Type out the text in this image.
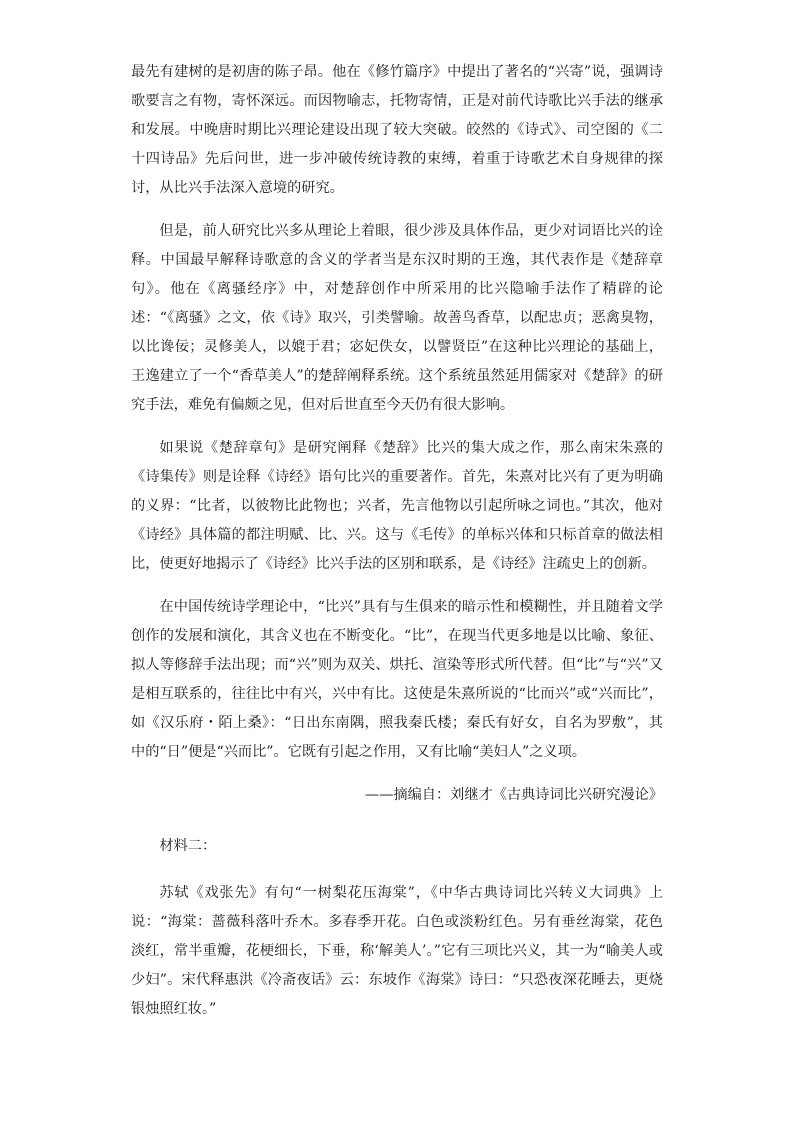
最先有建树的是初唐的陈子昂。他在《修竹篇序》中提出了著名的“兴寄”说，强调诗歌要言之有物，寄怀深远。而因物喻志，托物寄情，正是对前代诗歌比兴手法的继承和发展。中晚唐时期比兴理论建设出现了较大突破。皎然的《诗式》、司空图的《二十四诗品》先后问世，进一步冲破传统诗教的束缚，着重于诗歌艺术自身规律的探讨，从比兴手法深入意境的研究。

但是，前人研究比兴多从理论上着眼，很少涉及具体作品，更少对词语比兴的诠释。中国最早解释诗歌意的含义的学者当是东汉时期的王逸，其代表作是《楚辞章句》。他在《离骚经序》中，对楚辞创作中所采用的比兴隐喻手法作了精辟的论述：“《离骚》之文，依《诗》取兴，引类譬喻。故善鸟香草，以配忠贞；恶禽臭物，以比谗佞；灵修美人，以媲于君；宓妃佚女，以譬贤臣”在这种比兴理论的基础上，王逸建立了一个“香草美人”的楚辞阐释系统。这个系统虽然延用儒家对《楚辞》的研究手法，难免有偏颇之见，但对后世直至今天仍有很大影响。

如果说《楚辞章句》是研究阐释《楚辞》比兴的集大成之作，那么南宋朱熹的《诗集传》则是诠释《诗经》语句比兴的重要著作。首先，朱熹对比兴有了更为明确的义界：“比者，以彼物比此物也；兴者，先言他物以引起所咏之词也。”其次，他对《诗经》具体篇的都注明赋、比、兴。这与《毛传》的单标兴体和只标首章的做法相比，使更好地揭示了《诗经》比兴手法的区别和联系，是《诗经》注疏史上的创新。

在中国传统诗学理论中，“比兴”具有与生俱来的暗示性和模糊性，并且随着文学创作的发展和演化，其含义也在不断变化。“比”，在现当代更多地是以比喻、象征、拟人等修辞手法出现；而“兴”则为双关、烘托、渲染等形式所代替。但“比”与“兴”又是相互联系的，往往比中有兴，兴中有比。这使是朱熹所说的“比而兴”或“兴而比”，如《汉乐府・陌上桑》：“日出东南隅，照我秦氏楼；秦氏有好女，自名为罗敷”，其中的“日”便是“兴而比”。它既有引起之作用，又有比喻“美妇人”之义项。

——摘编自：刘继才《古典诗词比兴研究漫论》

材料二：

苏轼《戏张先》有句“一树梨花压海棠”，《中华古典诗词比兴转义大词典》上说：“海棠：蔷薇科落叶乔木。多春季开花。白色或淡粉红色。另有垂丝海棠，花色淡红，常半重瓣，花梗细长，下垂，称‘解美人’。”它有三项比兴义，其一为“喻美人或少妇”。宋代释惠洪《冷斋夜话》云：东坡作《海棠》诗曰：“只恐夜深花睡去，更烧银烛照红妆。”
